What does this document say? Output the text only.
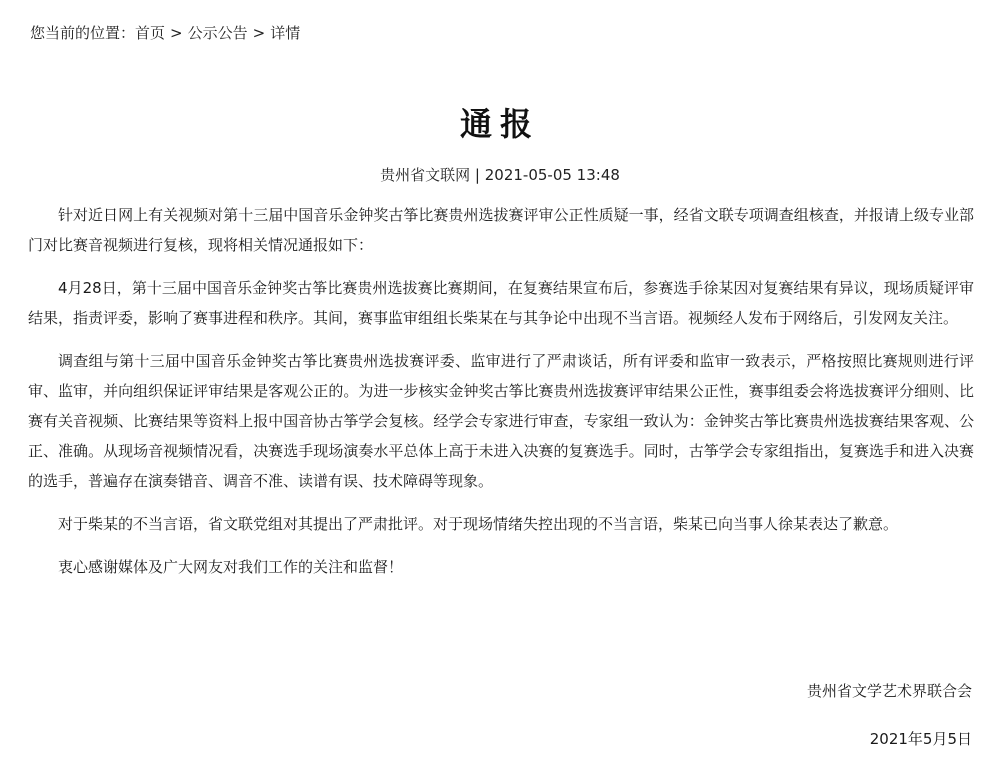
您当前的位置：首页 > 公示公告 > 详情
通报
贵州省文联网 | 2021-05-05 13:48

针对近日网上有关视频对第十三届中国音乐金钟奖古筝比赛贵州选拔赛评审公正性质疑一事，经省文联专项调查组核查，并报请上级专业部门对比赛音视频进行复核，现将相关情况通报如下：

4月28日，第十三届中国音乐金钟奖古筝比赛贵州选拔赛比赛期间，在复赛结果宣布后，参赛选手徐某因对复赛结果有异议，现场质疑评审结果，指责评委，影响了赛事进程和秩序。其间，赛事监审组组长柴某在与其争论中出现不当言语。视频经人发布于网络后，引发网友关注。

调查组与第十三届中国音乐金钟奖古筝比赛贵州选拔赛评委、监审进行了严肃谈话，所有评委和监审一致表示，严格按照比赛规则进行评审、监审，并向组织保证评审结果是客观公正的。为进一步核实金钟奖古筝比赛贵州选拔赛评审结果公正性，赛事组委会将选拔赛评分细则、比赛有关音视频、比赛结果等资料上报中国音协古筝学会复核。经学会专家进行审查，专家组一致认为：金钟奖古筝比赛贵州选拔赛结果客观、公正、准确。从现场音视频情况看，决赛选手现场演奏水平总体上高于未进入决赛的复赛选手。同时，古筝学会专家组指出，复赛选手和进入决赛的选手，普遍存在演奏错音、调音不准、读谱有误、技术障碍等现象。

对于柴某的不当言语，省文联党组对其提出了严肃批评。对于现场情绪失控出现的不当言语，柴某已向当事人徐某表达了歉意。

衷心感谢媒体及广大网友对我们工作的关注和监督！

贵州省文学艺术界联合会
2021年5月5日
